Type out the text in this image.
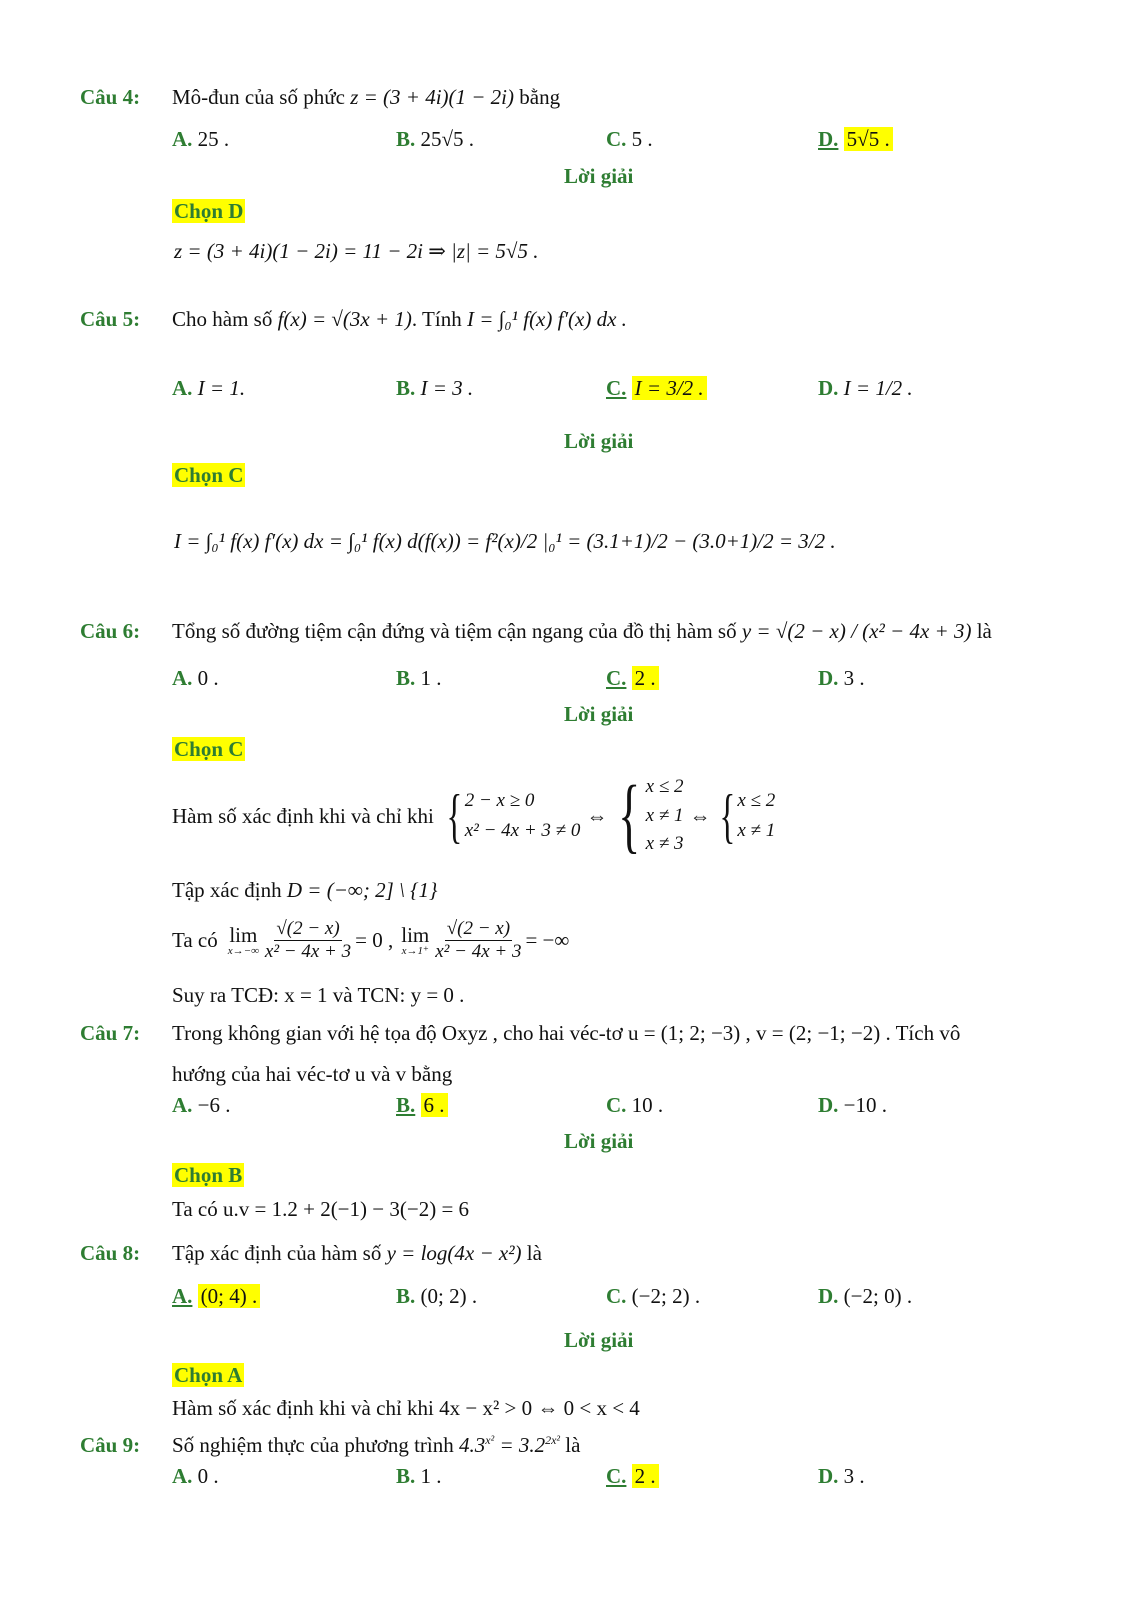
Câu 4: Mô-đun của số phức z = (3 + 4i)(1 − 2i) bằng
A. 25 .	B. 25√5 .	C. 5 .	D. 5√5 .
Lời giải
Chọn D
z = (3 + 4i)(1 − 2i) = 11 − 2i ⇒ |z| = 5√5 .
Câu 5: Cho hàm số f(x) = √(3x + 1). Tính I = ∫₀¹ f(x) f′(x) dx .
A. I = 1.	B. I = 3 .	C. I = 3/2 .	D. I = 1/2 .
Lời giải
Chọn C
I = ∫₀¹ f(x) f′(x) dx = ∫₀¹ f(x) d(f(x)) = f²(x)/2 |₀¹ = (3.1+1)/2 − (3.0+1)/2 = 3/2 .
Câu 6: Tổng số đường tiệm cận đứng và tiệm cận ngang của đồ thị hàm số y = √(2 − x) / (x² − 4x + 3) là
A. 0 .	B. 1 .	C. 2 .	D. 3 .
Lời giải
Chọn C
Hàm số xác định khi và chỉ khi { 2 − x ≥ 0
x² − 4x + 3 ≠ 0
⇔ { x ≤ 2
x ≠ 1
x ≠ 3
⇔ { x ≤ 2
x ≠ 1
Tập xác định D = (−∞; 2] \ {1}
Ta có lim
$x\to-\infty \frac{√(2 - x)}{\text{x² − 4x + 3}} = 0$ , lim
$x\to 1^+ \frac{√(2 - x)}{\text{x² − 4x + 3}}$ = −∞
Suy ra TCĐ: x = 1 và TCN: y = 0 .
Câu 7: Trong không gian với hệ tọa độ Oxyz , cho hai véc-tơ u = (1; 2; −3) , v = (2; −1; −2) . Tích vô
hướng của hai véc-tơ u và v bằng
A. −6 .	B. 6 .	C. 10 .	D. −10 .
Lời giải
Chọn B
Ta có u.v = 1.2 + 2(−1) − 3(−2) = 6
Câu 8: Tập xác định của hàm số y = log(4x − x²) là
A. (0; 4) .	B. (0; 2) .	C. (−2; 2) .	D. (−2; 0) .
Lời giải
Chọn A
Hàm số xác định khi và chỉ khi 4x − x² > 0 ⇔ 0 < x < 4
Câu 9: Số nghiệm thực của phương trình $4.3^{x^2} = 3.2^{2x^2}$ là
A. 0 .	B. 1 .	C. 2 .	D. 3 .
